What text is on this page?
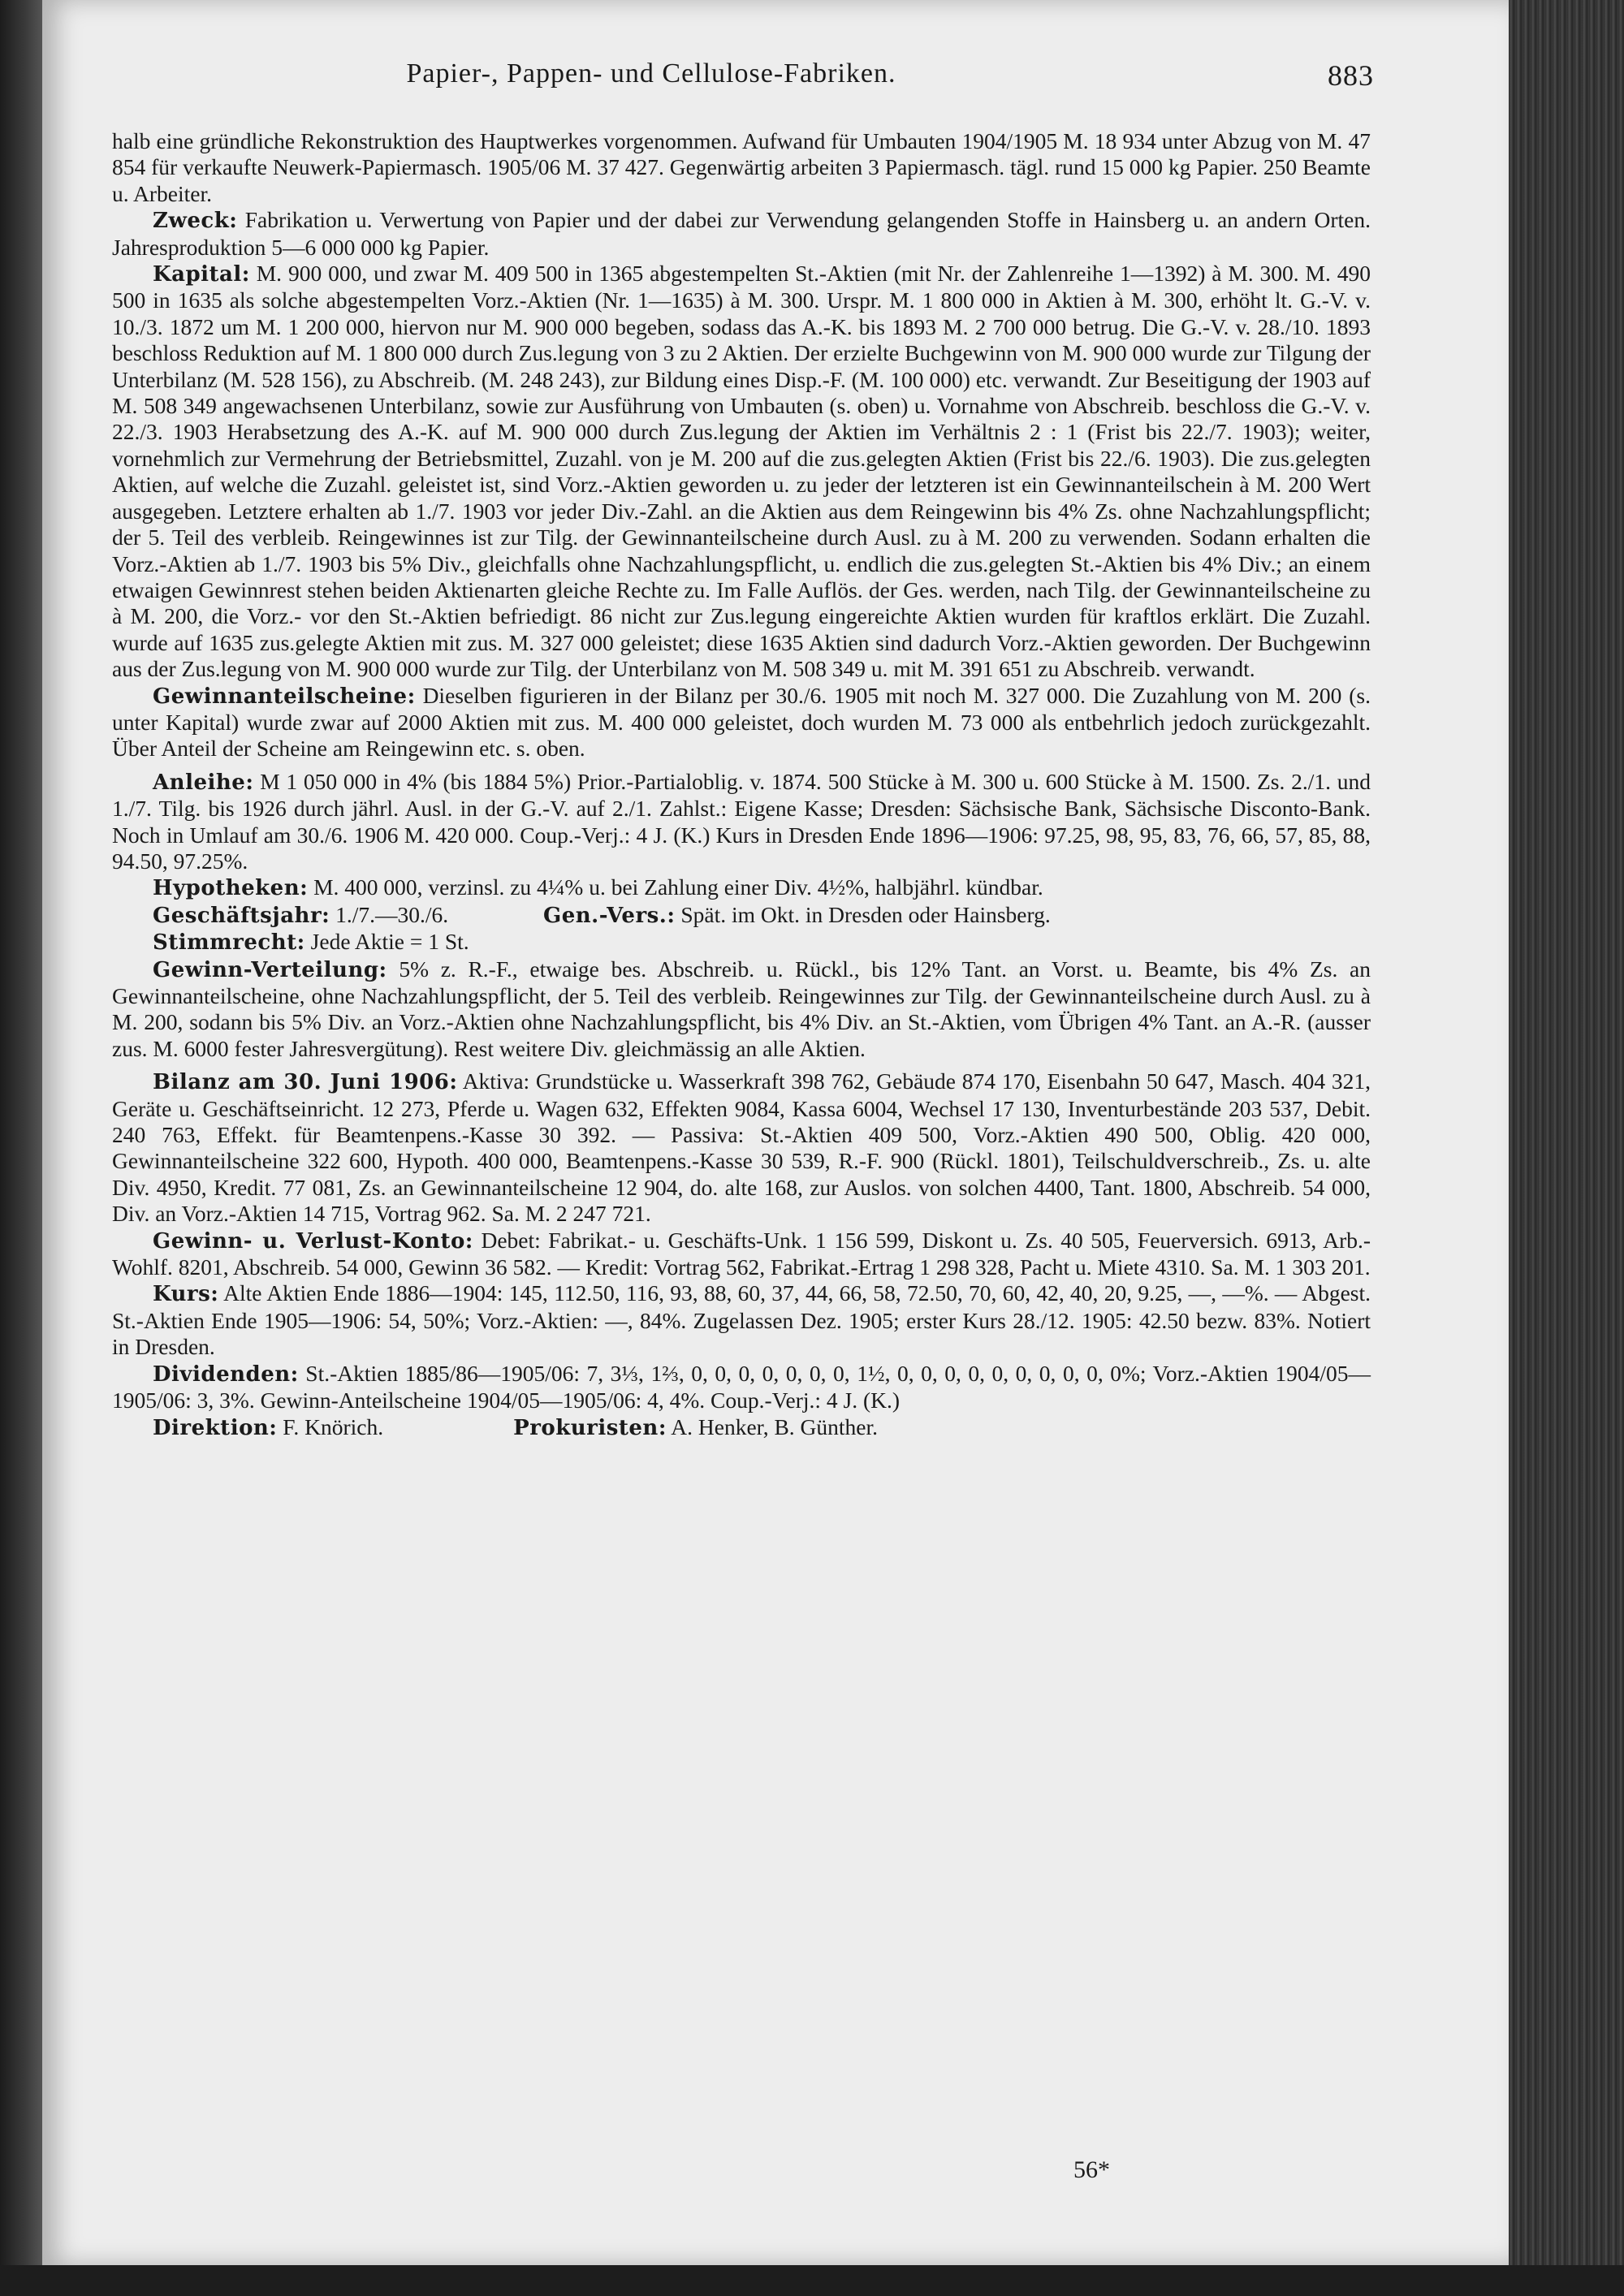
Papier-, Pappen- und Cellulose-Fabriken.	883

halb eine gründliche Rekonstruktion des Hauptwerkes vorgenommen. Aufwand für Umbauten 1904/1905 M. 18 934 unter Abzug von M. 47 854 für verkaufte Neuwerk-Papiermasch. 1905/06 M. 37 427. Gegenwärtig arbeiten 3 Papiermasch. tägl. rund 15 000 kg Papier. 250 Beamte u. Arbeiter.

Zweck: Fabrikation u. Verwertung von Papier und der dabei zur Verwendung gelangenden Stoffe in Hainsberg u. an andern Orten. Jahresproduktion 5—6 000 000 kg Papier.

Kapital: M. 900 000, und zwar M. 409 500 in 1365 abgestempelten St.-Aktien (mit Nr. der Zahlenreihe 1—1392) à M. 300. M. 490 500 in 1635 als solche abgestempelten Vorz.-Aktien (Nr. 1—1635) à M. 300. Urspr. M. 1 800 000 in Aktien à M. 300, erhöht lt. G.-V. v. 10./3. 1872 um M. 1 200 000, hiervon nur M. 900 000 begeben, sodass das A.-K. bis 1893 M. 2 700 000 betrug. Die G.-V. v. 28./10. 1893 beschloss Reduktion auf M. 1 800 000 durch Zus.legung von 3 zu 2 Aktien. Der erzielte Buchgewinn von M. 900 000 wurde zur Tilgung der Unterbilanz (M. 528 156), zu Abschreib. (M. 248 243), zur Bildung eines Disp.-F. (M. 100 000) etc. verwandt. Zur Beseitigung der 1903 auf M. 508 349 angewachsenen Unterbilanz, sowie zur Ausführung von Umbauten (s. oben) u. Vornahme von Abschreib. beschloss die G.-V. v. 22./3. 1903 Herabsetzung des A.-K. auf M. 900 000 durch Zus.legung der Aktien im Verhältnis 2 : 1 (Frist bis 22./7. 1903); weiter, vornehmlich zur Vermehrung der Betriebsmittel, Zuzahl. von je M. 200 auf die zus.gelegten Aktien (Frist bis 22./6. 1903). Die zus.gelegten Aktien, auf welche die Zuzahl. geleistet ist, sind Vorz.-Aktien geworden u. zu jeder der letzteren ist ein Gewinnanteilschein à M. 200 Wert ausgegeben. Letztere erhalten ab 1./7. 1903 vor jeder Div.-Zahl. an die Aktien aus dem Reingewinn bis 4% Zs. ohne Nachzahlungspflicht; der 5. Teil des verbleib. Reingewinnes ist zur Tilg. der Gewinnanteilscheine durch Ausl. zu à M. 200 zu verwenden. Sodann erhalten die Vorz.-Aktien ab 1./7. 1903 bis 5% Div., gleichfalls ohne Nachzahlungspflicht, u. endlich die zus.gelegten St.-Aktien bis 4% Div.; an einem etwaigen Gewinnrest stehen beiden Aktienarten gleiche Rechte zu. Im Falle Auflös. der Ges. werden, nach Tilg. der Gewinnanteilscheine zu à M. 200, die Vorz.- vor den St.-Aktien befriedigt. 86 nicht zur Zus.legung eingereichte Aktien wurden für kraftlos erklärt. Die Zuzahl. wurde auf 1635 zus.gelegte Aktien mit zus. M. 327 000 geleistet; diese 1635 Aktien sind dadurch Vorz.-Aktien geworden. Der Buchgewinn aus der Zus.legung von M. 900 000 wurde zur Tilg. der Unterbilanz von M. 508 349 u. mit M. 391 651 zu Abschreib. verwandt.

Gewinnanteilscheine: Dieselben figurieren in der Bilanz per 30./6. 1905 mit noch M. 327 000. Die Zuzahlung von M. 200 (s. unter Kapital) wurde zwar auf 2000 Aktien mit zus. M. 400 000 geleistet, doch wurden M. 73 000 als entbehrlich jedoch zurückgezahlt. Über Anteil der Scheine am Reingewinn etc. s. oben.

Anleihe: M 1 050 000 in 4% (bis 1884 5%) Prior.-Partialoblig. v. 1874. 500 Stücke à M. 300 u. 600 Stücke à M. 1500. Zs. 2./1. und 1./7. Tilg. bis 1926 durch jährl. Ausl. in der G.-V. auf 2./1. Zahlst.: Eigene Kasse; Dresden: Sächsische Bank, Sächsische Disconto-Bank. Noch in Umlauf am 30./6. 1906 M. 420 000. Coup.-Verj.: 4 J. (K.) Kurs in Dresden Ende 1896—1906: 97.25, 98, 95, 83, 76, 66, 57, 85, 88, 94.50, 97.25%.

Hypotheken: M. 400 000, verzinsl. zu 4¼% u. bei Zahlung einer Div. 4½%, halbjährl. kündbar.

Geschäftsjahr: 1./7.—30./6.    	Gen.-Vers.: Spät. im Okt. in Dresden oder Hainsberg.

Stimmrecht: Jede Aktie = 1 St.

Gewinn-Verteilung: 5% z. R.-F., etwaige bes. Abschreib. u. Rückl., bis 12% Tant. an Vorst. u. Beamte, bis 4% Zs. an Gewinnanteilscheine, ohne Nachzahlungspflicht, der 5. Teil des verbleib. Reingewinnes zur Tilg. der Gewinnanteilscheine durch Ausl. zu à M. 200, sodann bis 5% Div. an Vorz.-Aktien ohne Nachzahlungspflicht, bis 4% Div. an St.-Aktien, vom Übrigen 4% Tant. an A.-R. (ausser zus. M. 6000 fester Jahresvergütung). Rest weitere Div. gleichmässig an alle Aktien.

Bilanz am 30. Juni 1906: Aktiva: Grundstücke u. Wasserkraft 398 762, Gebäude 874 170, Eisenbahn 50 647, Masch. 404 321, Geräte u. Geschäftseinricht. 12 273, Pferde u. Wagen 632, Effekten 9084, Kassa 6004, Wechsel 17 130, Inventurbestände 203 537, Debit. 240 763, Effekt. für Beamtenpens.-Kasse 30 392. — Passiva: St.-Aktien 409 500, Vorz.-Aktien 490 500, Oblig. 420 000, Gewinnanteilscheine 322 600, Hypoth. 400 000, Beamtenpens.-Kasse 30 539, R.-F. 900 (Rückl. 1801), Teilschuldverschreib., Zs. u. alte Div. 4950, Kredit. 77 081, Zs. an Gewinnanteilscheine 12 904, do. alte 168, zur Auslos. von solchen 4400, Tant. 1800, Abschreib. 54 000, Div. an Vorz.-Aktien 14 715, Vortrag 962. Sa. M. 2 247 721.

Gewinn- u. Verlust-Konto: Debet: Fabrikat.- u. Geschäfts-Unk. 1 156 599, Diskont u. Zs. 40 505, Feuerversich. 6913, Arb.-Wohlf. 8201, Abschreib. 54 000, Gewinn 36 582. — Kredit: Vortrag 562, Fabrikat.-Ertrag 1 298 328, Pacht u. Miete 4310. Sa. M. 1 303 201.

Kurs: Alte Aktien Ende 1886—1904: 145, 112.50, 116, 93, 88, 60, 37, 44, 66, 58, 72.50, 70, 60, 42, 40, 20, 9.25, —, —%. — Abgest. St.-Aktien Ende 1905—1906: 54, 50%; Vorz.-Aktien: —, 84%. Zugelassen Dez. 1905; erster Kurs 28./12. 1905: 42.50 bezw. 83%. Notiert in Dresden.

Dividenden: St.-Aktien 1885/86—1905/06: 7, 3⅓, 1⅔, 0, 0, 0, 0, 0, 0, 0, 1½, 0, 0, 0, 0, 0, 0, 0, 0, 0, 0%; Vorz.-Aktien 1904/05—1905/06: 3, 3%. Gewinn-Anteilscheine 1904/05—1905/06: 4, 4%. Coup.-Verj.: 4 J. (K.)

Direktion: F. Knörich.	Prokuristen: A. Henker, B. Günther.

56*
